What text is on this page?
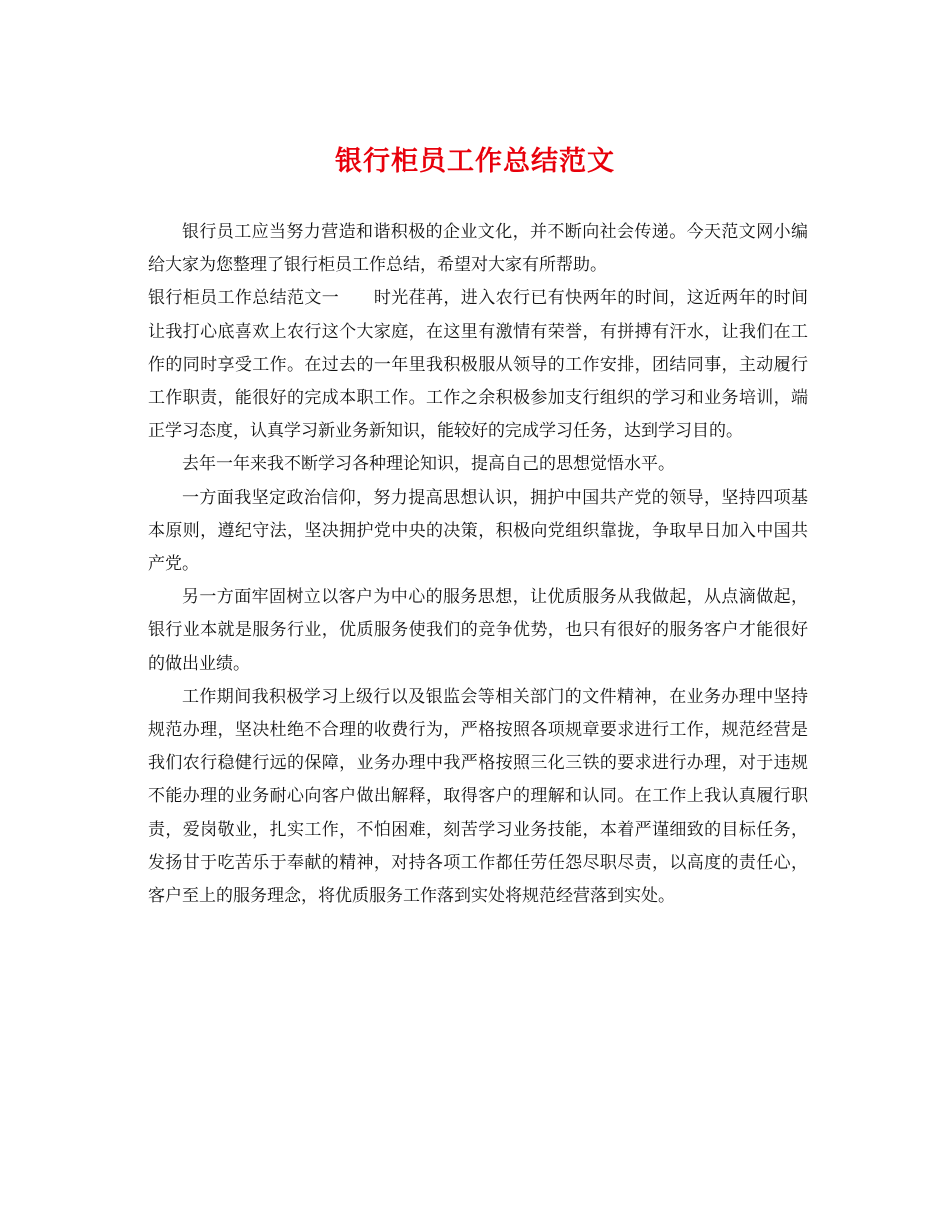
银行柜员工作总结范文

银行员工应当努力营造和谐积极的企业文化，并不断向社会传递。今天范文网小编给大家为您整理了银行柜员工作总结，希望对大家有所帮助。

银行柜员工作总结范文一　　时光荏苒，进入农行已有快两年的时间，这近两年的时间让我打心底喜欢上农行这个大家庭，在这里有激情有荣誉，有拼搏有汗水，让我们在工作的同时享受工作。在过去的一年里我积极服从领导的工作安排，团结同事，主动履行工作职责，能很好的完成本职工作。工作之余积极参加支行组织的学习和业务培训，端正学习态度，认真学习新业务新知识，能较好的完成学习任务，达到学习目的。

去年一年来我不断学习各种理论知识，提高自己的思想觉悟水平。

一方面我坚定政治信仰，努力提高思想认识，拥护中国共产党的领导，坚持四项基本原则，遵纪守法，坚决拥护党中央的决策，积极向党组织靠拢，争取早日加入中国共产党。

另一方面牢固树立以客户为中心的服务思想，让优质服务从我做起，从点滴做起，银行业本就是服务行业，优质服务使我们的竞争优势，也只有很好的服务客户才能很好的做出业绩。

工作期间我积极学习上级行以及银监会等相关部门的文件精神，在业务办理中坚持规范办理，坚决杜绝不合理的收费行为，严格按照各项规章要求进行工作，规范经营是我们农行稳健行远的保障，业务办理中我严格按照三化三铁的要求进行办理，对于违规不能办理的业务耐心向客户做出解释，取得客户的理解和认同。在工作上我认真履行职责，爱岗敬业，扎实工作，不怕困难，刻苦学习业务技能，本着严谨细致的目标任务，发扬甘于吃苦乐于奉献的精神，对持各项工作都任劳任怨尽职尽责，以高度的责任心，客户至上的服务理念，将优质服务工作落到实处将规范经营落到实处。
